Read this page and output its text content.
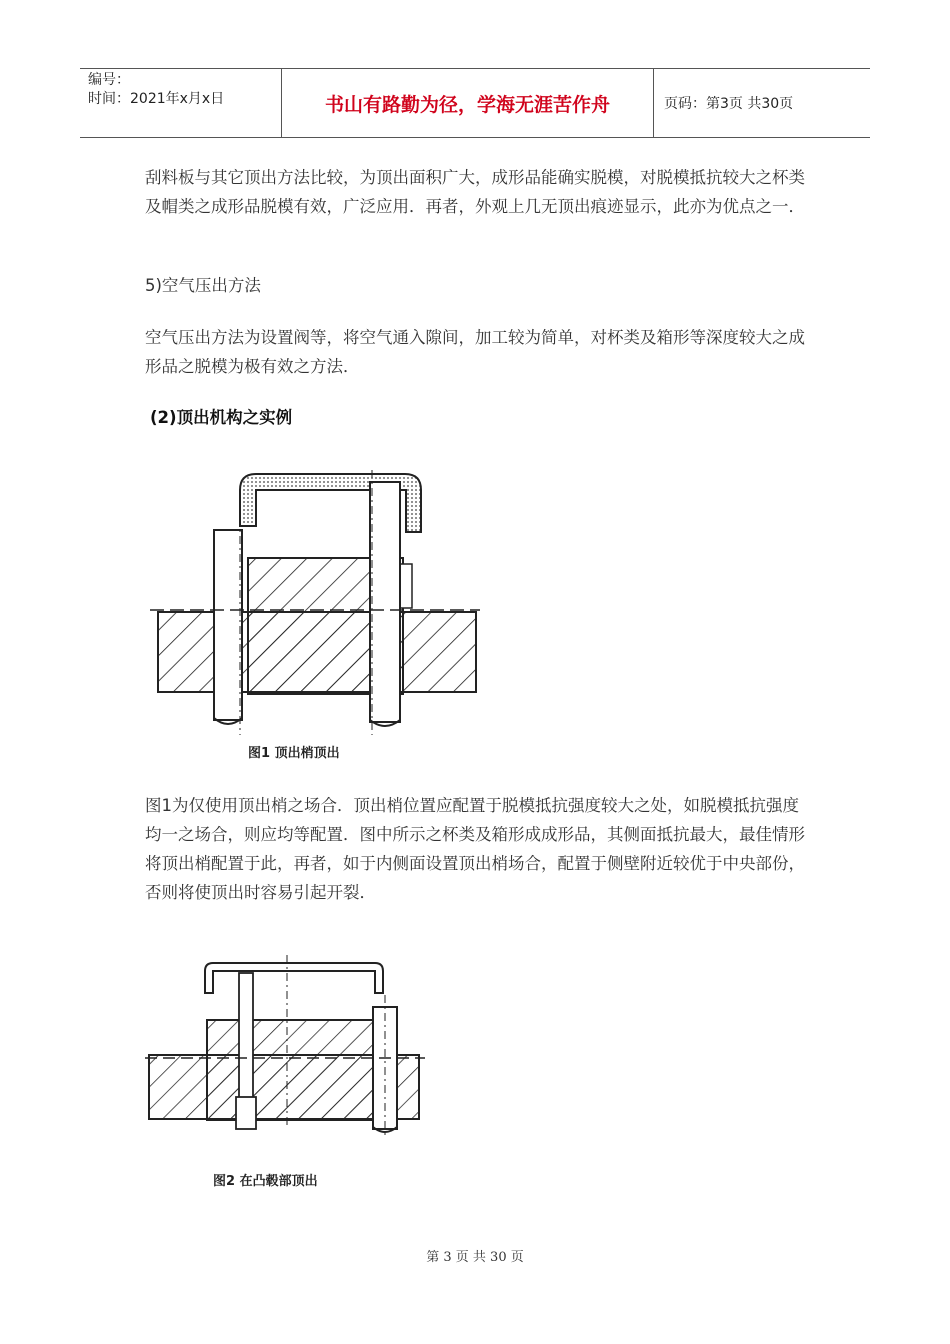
编号：
时间：2021年x月x日	书山有路勤为径，学海无涯苦作舟	页码：第3页 共30页
刮料板与其它顶出方法比较，为顶出面积广大，成形品能确实脱模，对脱模抵抗较大之杯类及帽类之成形品脱模有效，广泛应用．再者，外观上几无顶出痕迹显示，此亦为优点之一．
5)空气压出方法
空气压出方法为设置阀等，将空气通入隙间，加工较为简单，对杯类及箱形等深度较大之成形品之脱模为极有效之方法．
(2)顶出机构之实例
图1 顶出梢顶出
图1为仅使用顶出梢之场合．顶出梢位置应配置于脱模抵抗强度较大之处，如脱模抵抗强度均一之场合，则应均等配置．图中所示之杯类及箱形成成形品，其侧面抵抗最大，最佳情形将顶出梢配置于此，再者，如于内侧面设置顶出梢场合，配置于侧壁附近较优于中央部份，否则将使顶出时容易引起开裂．
图2 在凸毂部顶出
第 3 页 共 30 页
